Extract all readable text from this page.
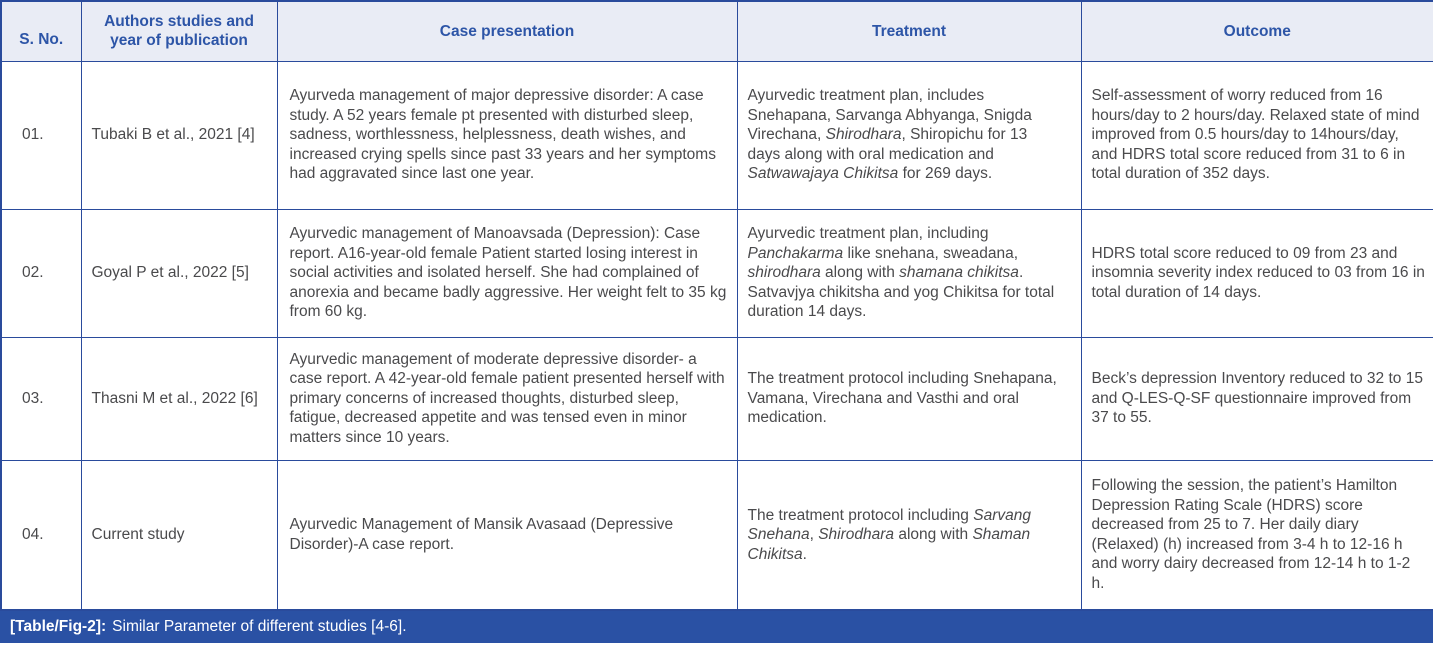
S. No.	Authors studies and year of publication	Case presentation	Treatment	Outcome
01.	Tubaki B et al., 2021 [4]	Ayurveda management of major depressive disorder: A case study. A 52 years female pt presented with disturbed sleep, sadness, worthlessness, helplessness, death wishes, and increased crying spells since past 33 years and her symptoms had aggravated since last one year.	Ayurvedic treatment plan, includes Snehapana, Sarvanga Abhyanga, Snigda Virechana, Shirodhara, Shiropichu for 13 days along with oral medication and Satwawajaya Chikitsa for 269 days.	Self-assessment of worry reduced from 16 hours/day to 2 hours/day. Relaxed state of mind improved from 0.5 hours/day to 14hours/day, and HDRS total score reduced from 31 to 6 in total duration of 352 days.
02.	Goyal P et al., 2022 [5]	Ayurvedic management of Manoavsada (Depression): Case report. A16-year-old female Patient started losing interest in social activities and isolated herself. She had complained of anorexia and became badly aggressive. Her weight felt to 35 kg from 60 kg.	Ayurvedic treatment plan, including Panchakarma like snehana, sweadana, shirodhara along with shamana chikitsa. Satvavjya chikitsha and yog Chikitsa for total duration 14 days.	HDRS total score reduced to 09 from 23 and insomnia severity index reduced to 03 from 16 in total duration of 14 days.
03.	Thasni M et al., 2022 [6]	Ayurvedic management of moderate depressive disorder- a case report. A 42-year-old female patient presented herself with primary concerns of increased thoughts, disturbed sleep, fatigue, decreased appetite and was tensed even in minor matters since 10 years.	The treatment protocol including Snehapana, Vamana, Virechana and Vasthi and oral medication.	Beck’s depression Inventory reduced to 32 to 15 and Q-LES-Q-SF questionnaire improved from 37 to 55.
04.	Current study	Ayurvedic Management of Mansik Avasaad (Depressive Disorder)-A case report.	The treatment protocol including Sarvang Snehana, Shirodhara along with Shaman Chikitsa.	Following the session, the patient’s Hamilton Depression Rating Scale (HDRS) score decreased from 25 to 7. Her daily diary (Relaxed) (h) increased from 3-4 h to 12-16 h and worry dairy decreased from 12-14 h to 1-2 h.
[Table/Fig-2]: Similar Parameter of different studies [4-6].
